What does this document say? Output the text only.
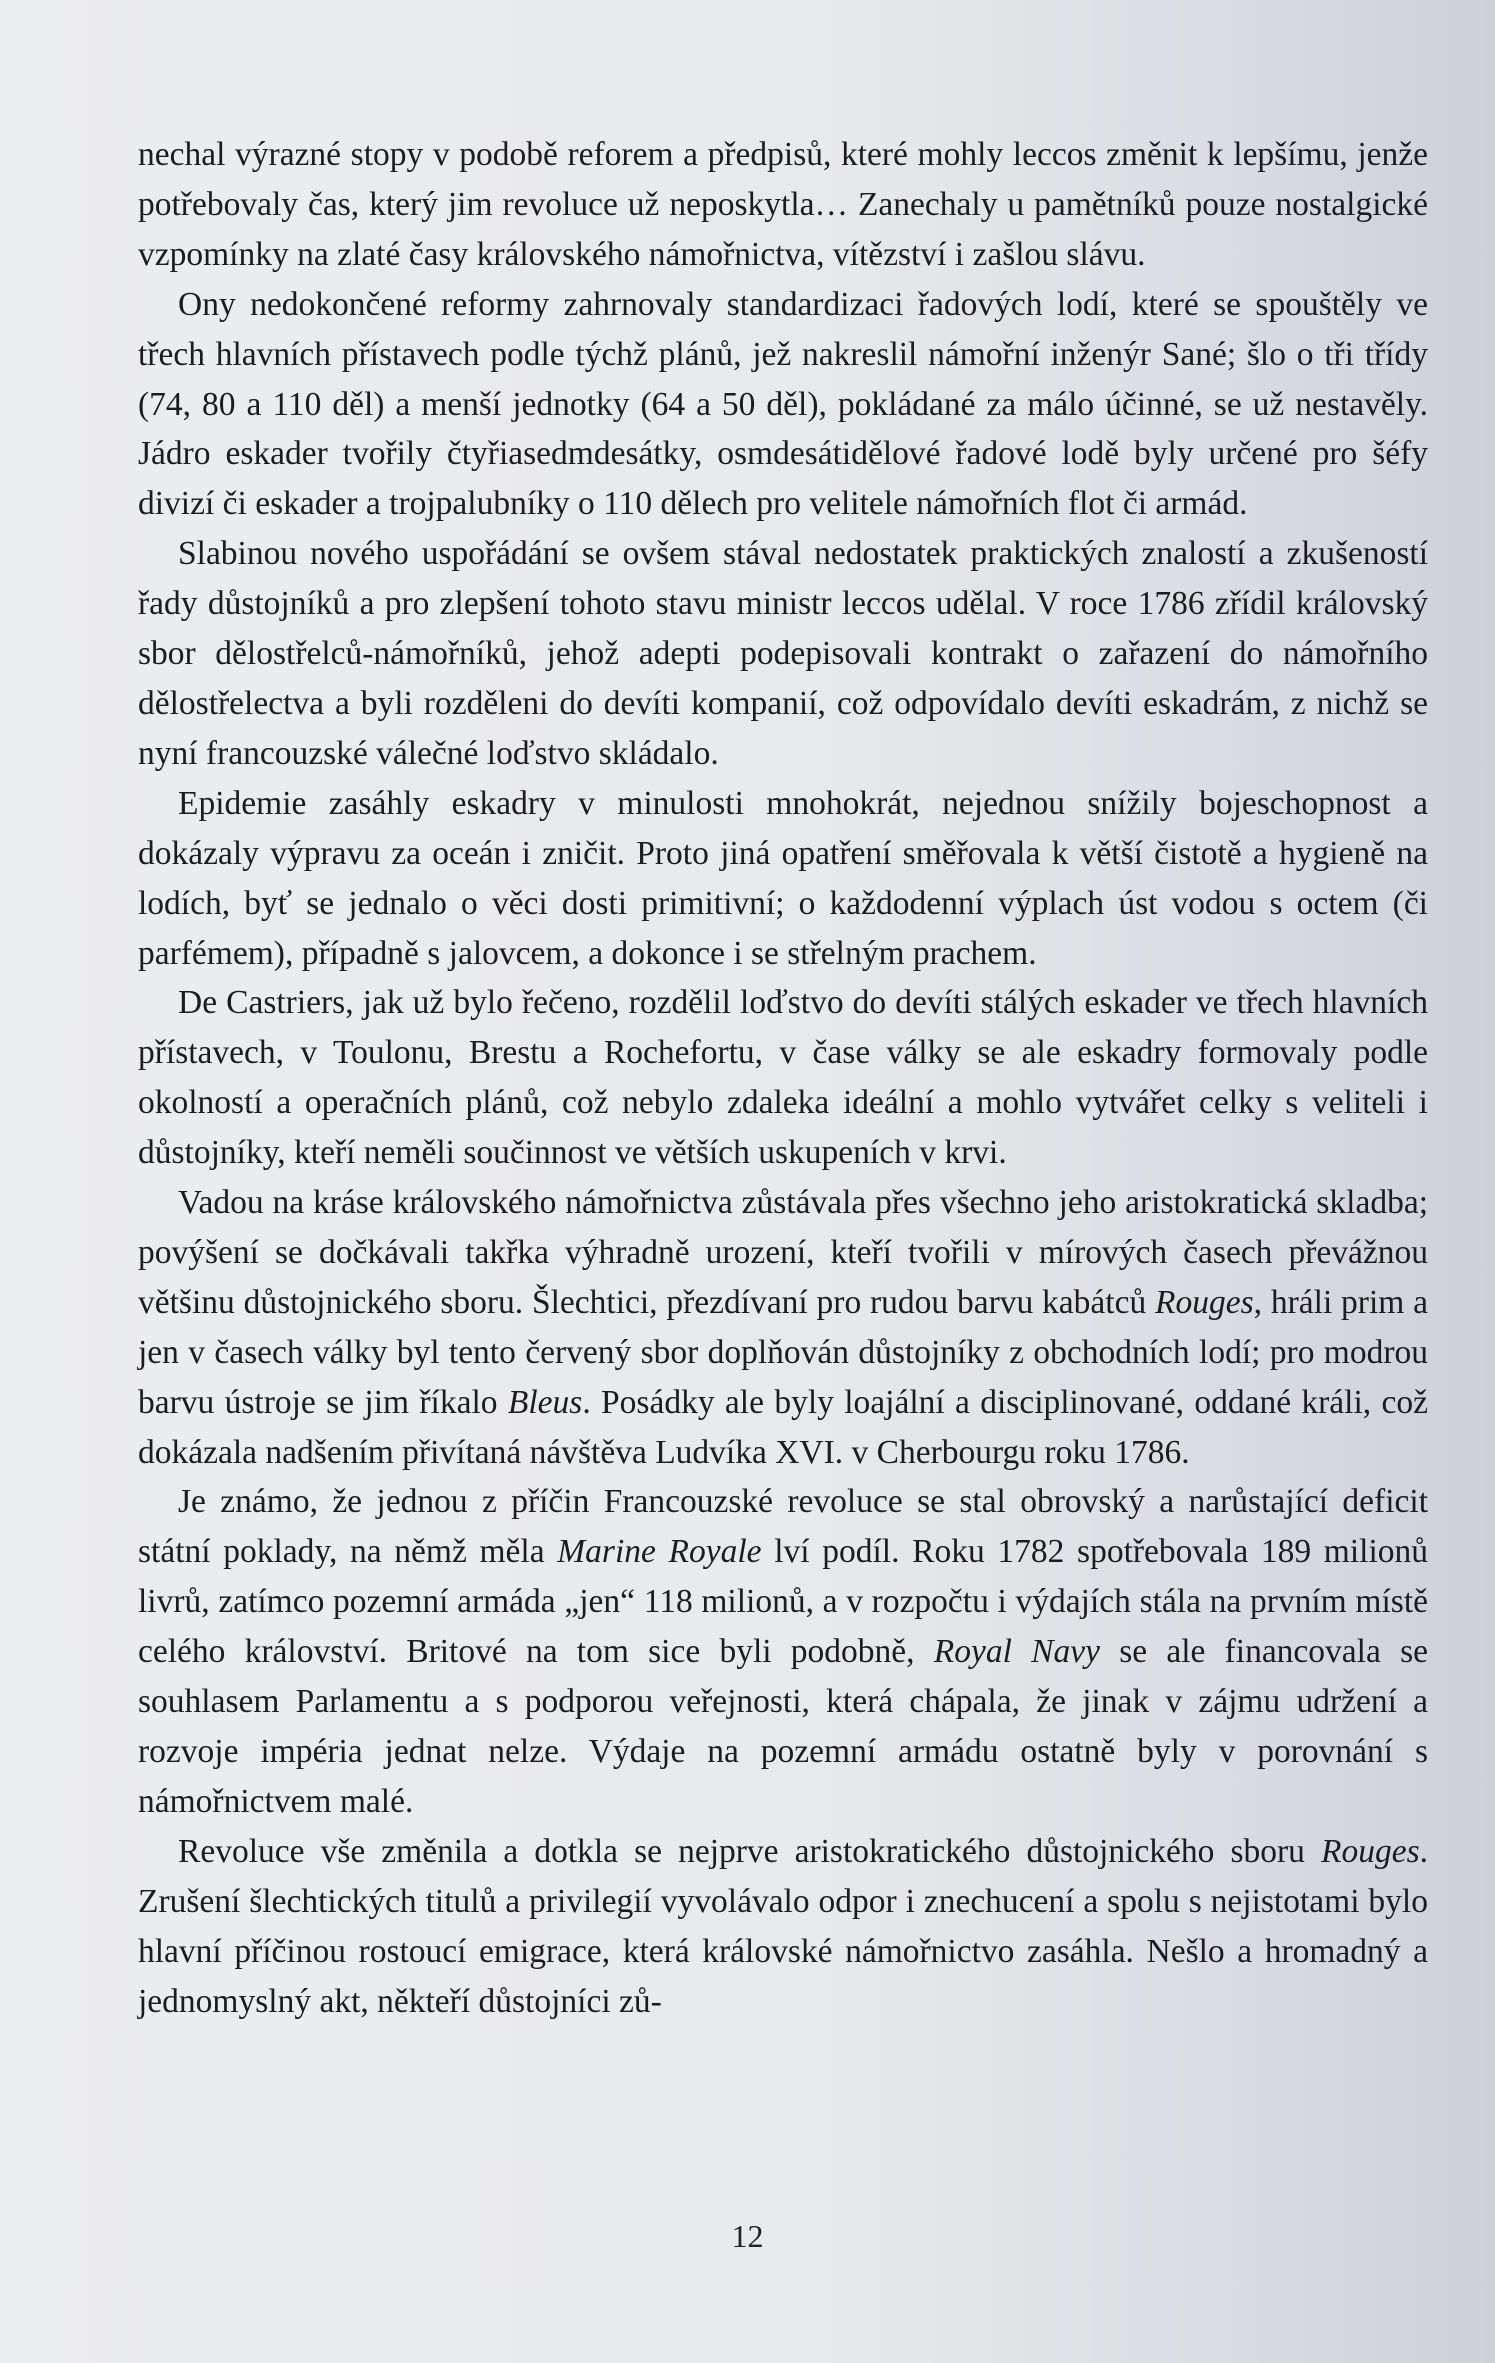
nechal výrazné stopy v podobě reforem a předpisů, které mohly leccos změnit k lepšímu, jenže potřebovaly čas, který jim revoluce už neposkytla… Zanechaly u pamětníků pouze nostalgické vzpomínky na zlaté časy královského námořnictva, vítězství i zašlou slávu.

Ony nedokončené reformy zahrnovaly standardizaci řadových lodí, které se spouštěly ve třech hlavních přístavech podle týchž plánů, jež nakreslil námořní inženýr Sané; šlo o tři třídy (74, 80 a 110 děl) a menší jednotky (64 a 50 děl), pokládané za málo účinné, se už nestavěly. Jádro eskader tvořily čtyřiasedmdesátky, osmdesátidělové řadové lodě byly určené pro šéfy divizí či eskader a trojpalubníky o 110 dělech pro velitele námořních flot či armád.

Slabinou nového uspořádání se ovšem stával nedostatek praktických znalostí a zkušeností řady důstojníků a pro zlepšení tohoto stavu ministr leccos udělal. V roce 1786 zřídil královský sbor dělostřelců-námořníků, jehož adepti podepisovali kontrakt o zařazení do námořního dělostřelectva a byli rozděleni do devíti kompanií, což odpovídalo devíti eskadrám, z nichž se nyní francouzské válečné loďstvo skládalo.

Epidemie zasáhly eskadry v minulosti mnohokrát, nejednou snížily bojeschopnost a dokázaly výpravu za oceán i zničit. Proto jiná opatření směřovala k větší čistotě a hygieně na lodích, byť se jednalo o věci dosti primitivní; o každodenní výplach úst vodou s octem (či parfémem), případně s jalovcem, a dokonce i se střelným prachem.

De Castriers, jak už bylo řečeno, rozdělil loďstvo do devíti stálých eskader ve třech hlavních přístavech, v Toulonu, Brestu a Rochefortu, v čase války se ale eskadry formovaly podle okolností a operačních plánů, což nebylo zdaleka ideální a mohlo vytvářet celky s veliteli i důstojníky, kteří neměli součinnost ve větších uskupeních v krvi.

Vadou na kráse královského námořnictva zůstávala přes všechno jeho aristokratická skladba; povýšení se dočkávali takřka výhradně urození, kteří tvořili v mírových časech převážnou většinu důstojnického sboru. Šlechtici, přezdívaní pro rudou barvu kabátců Rouges, hráli prim a jen v časech války byl tento červený sbor doplňován důstojníky z obchodních lodí; pro modrou barvu ústroje se jim říkalo Bleus. Posádky ale byly loajální a disciplinované, oddané králi, což dokázala nadšením přivítaná návštěva Ludvíka XVI. v Cherbourgu roku 1786.

Je známo, že jednou z příčin Francouzské revoluce se stal obrovský a narůstající deficit státní poklady, na němž měla Marine Royale lví podíl. Roku 1782 spotřebovala 189 milionů livrů, zatímco pozemní armáda „jen“ 118 milionů, a v rozpočtu i výdajích stála na prvním místě celého království. Britové na tom sice byli podobně, Royal Navy se ale financovala se souhlasem Parlamentu a s podporou veřejnosti, která chápala, že jinak v zájmu udržení a rozvoje impéria jednat nelze. Výdaje na pozemní armádu ostatně byly v porovnání s námořnictvem malé.

Revoluce vše změnila a dotkla se nejprve aristokratického důstojnického sboru Rouges. Zrušení šlechtických titulů a privilegií vyvolávalo odpor i znechucení a spolu s nejistotami bylo hlavní příčinou rostoucí emigrace, která královské námořnictvo zasáhla. Nešlo a hromadný a jednomyslný akt, někteří důstojníci zů-

12
